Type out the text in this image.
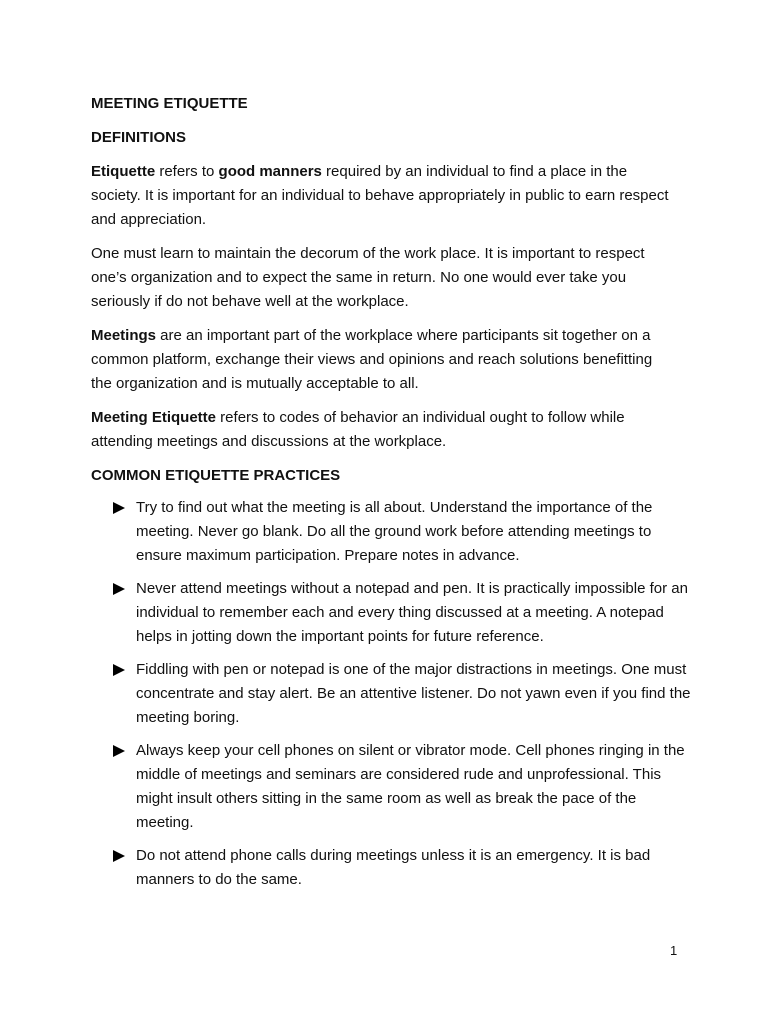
MEETING ETIQUETTE

DEFINITIONS

Etiquette refers to good manners required by an individual to find a place in the society. It is important for an individual to behave appropriately in public to earn respect and appreciation.

One must learn to maintain the decorum of the work place. It is important to respect one’s organization and to expect the same in return. No one would ever take you seriously if do not behave well at the workplace.

Meetings are an important part of the workplace where participants sit together on a common platform, exchange their views and opinions and reach solutions benefitting the organization and is mutually acceptable to all.

Meeting Etiquette refers to codes of behavior an individual ought to follow while attending meetings and discussions at the workplace.

COMMON ETIQUETTE PRACTICES

Try to find out what the meeting is all about. Understand the importance of the meeting. Never go blank. Do all the ground work before attending meetings to ensure maximum participation. Prepare notes in advance.
Never attend meetings without a notepad and pen. It is practically impossible for an individual to remember each and every thing discussed at a meeting. A notepad helps in jotting down the important points for future reference.
Fiddling with pen or notepad is one of the major distractions in meetings. One must concentrate and stay alert. Be an attentive listener. Do not yawn even if you find the meeting boring.
Always keep your cell phones on silent or vibrator mode. Cell phones ringing in the middle of meetings and seminars are considered rude and unprofessional. This might insult others sitting in the same room as well as break the pace of the meeting.
Do not attend phone calls during meetings unless it is an emergency. It is bad manners to do the same.
1
